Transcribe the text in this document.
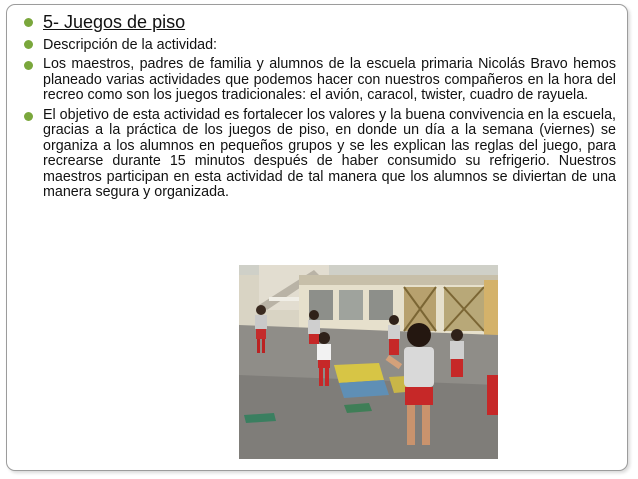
5- Juegos de piso
Descripción de la actividad:
Los maestros, padres de familia y alumnos de la escuela primaria Nicolás Bravo hemos planeado varias actividades que podemos hacer con nuestros compañeros en la hora del recreo como son los juegos tradicionales: el avión, caracol, twister, cuadro de rayuela.
El objetivo de esta actividad es fortalecer los valores y la buena convivencia en la escuela, gracias a la práctica de los juegos de piso, en donde un día a la semana (viernes) se organiza a los alumnos en pequeños grupos y se les explican las reglas del juego, para recrearse durante 15 minutos después de haber consumido su refrigerio. Nuestros maestros participan en esta actividad de tal manera que los alumnos se diviertan de una manera segura y organizada.
